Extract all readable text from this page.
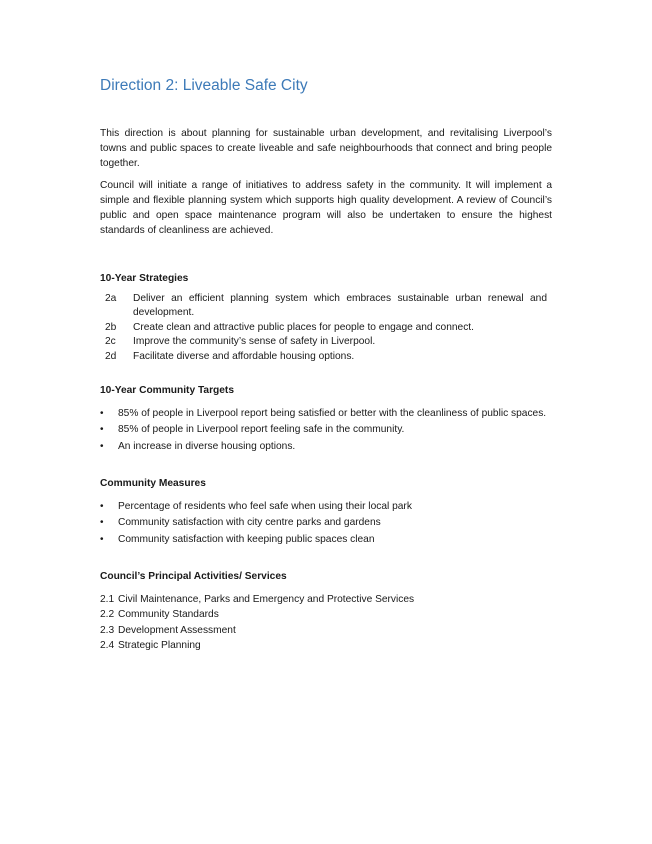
Direction 2: Liveable Safe City

This direction is about planning for sustainable urban development, and revitalising Liverpool’s towns and public spaces to create liveable and safe neighbourhoods that connect and bring people together.

Council will initiate a range of initiatives to address safety in the community. It will implement a simple and flexible planning system which supports high quality development. A review of Council’s public and open space maintenance program will also be undertaken to ensure the highest standards of cleanliness are achieved.

10-Year Strategies
2a	Deliver an efficient planning system which embraces sustainable urban renewal and development.
2b	Create clean and attractive public places for people to engage and connect.
2c	Improve the community’s sense of safety in Liverpool.
2d	Facilitate diverse and affordable housing options.
10-Year Community Targets
•	85% of people in Liverpool report being satisfied or better with the cleanliness of public spaces.
•	85% of people in Liverpool report feeling safe in the community.
•	An increase in diverse housing options.
Community Measures
•	Percentage of residents who feel safe when using their local park
•	Community satisfaction with city centre parks and gardens
•	Community satisfaction with keeping public spaces clean
Council’s Principal Activities/ Services
2.1 Civil Maintenance, Parks and Emergency and Protective Services
2.2 Community Standards
2.3 Development Assessment
2.4 Strategic Planning
